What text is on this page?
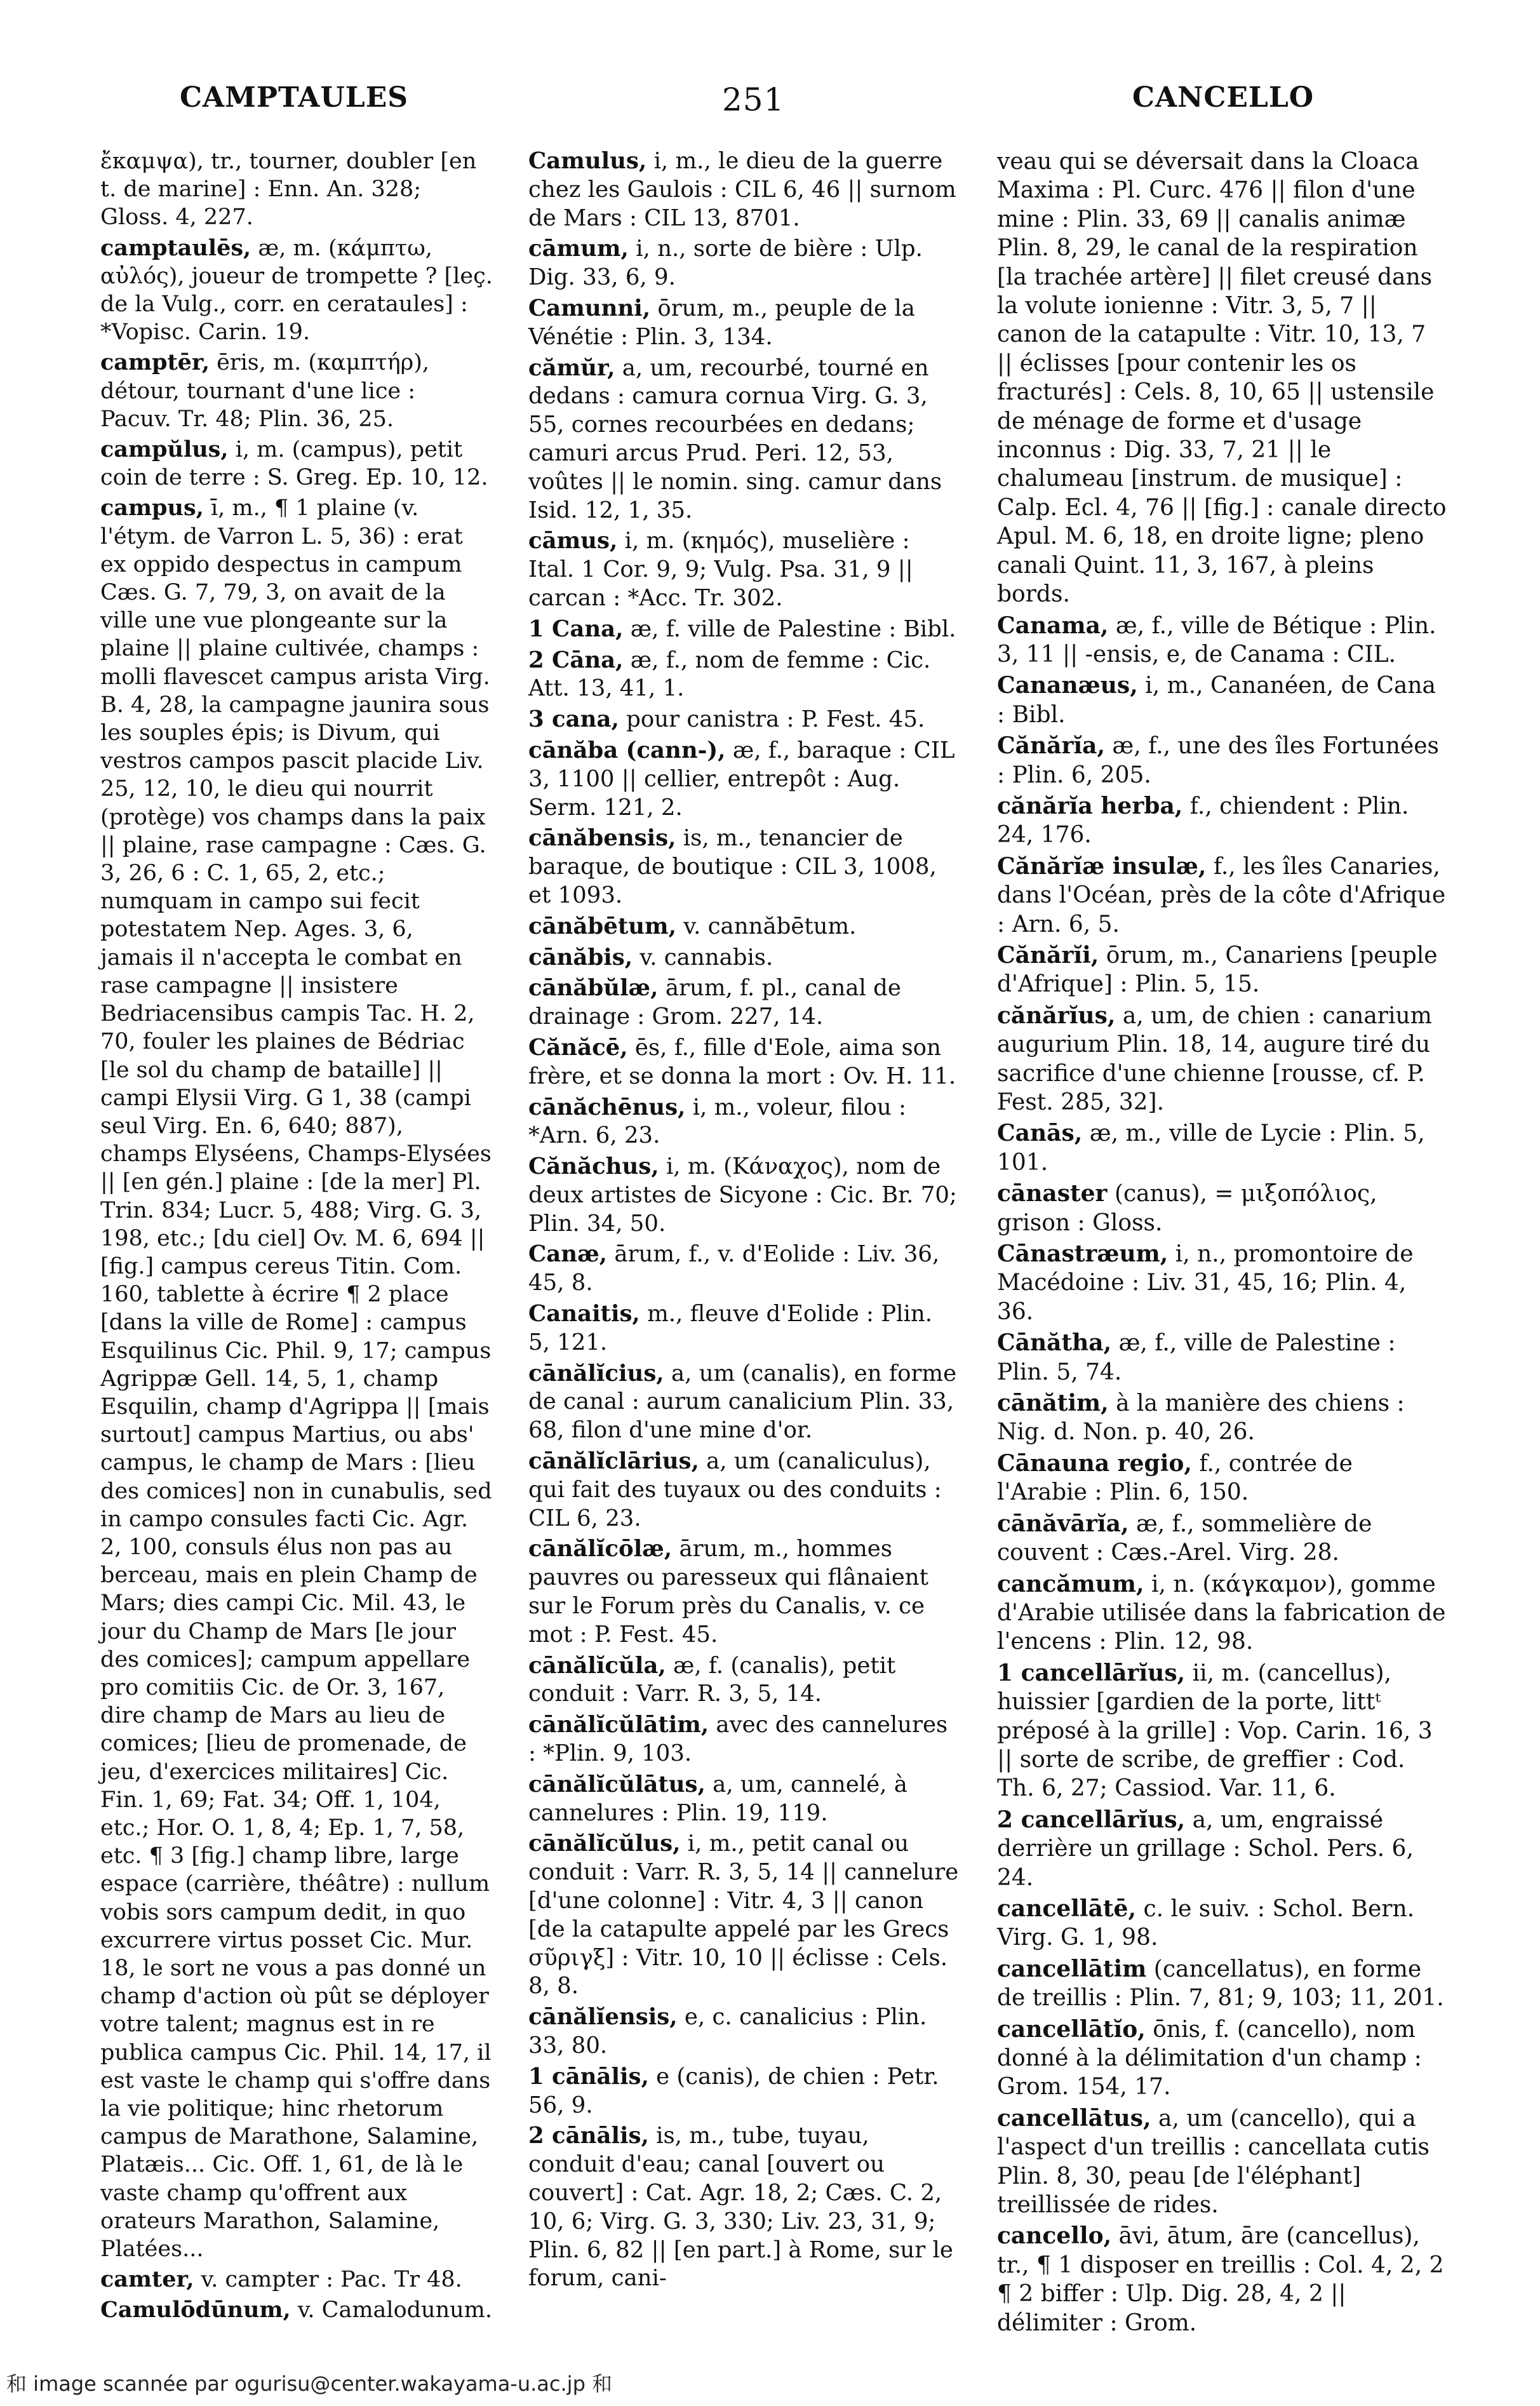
CAMPTAULES	251	CANCELLO
ἔκαμψα), tr., tourner, doubler [en t. de marine] : Enn. An. 328; Gloss. 4, 227.
camptaulēs, æ, m. (κάμπτω, αὐλός), joueur de trompette ? [leç. de la Vulg., corr. en cerataules] : *Vopisc. Carin. 19.
camptēr, ēris, m. (καμπτήρ), détour, tournant d'une lice : Pacuv. Tr. 48; Plin. 36, 25.
campŭlus, i, m. (campus), petit coin de terre : S. Greg. Ep. 10, 12.
campus, ī, m., ¶ 1 plaine (v. l'étym. de Varron L. 5, 36) : erat ex oppido despectus in campum Cæs. G. 7, 79, 3, on avait de la ville une vue plongeante sur la plaine || plaine cultivée, champs : molli flavescet campus arista Virg. B. 4, 28, la campagne jaunira sous les souples épis; is Divum, qui vestros campos pascit placide Liv. 25, 12, 10, le dieu qui nourrit (protège) vos champs dans la paix || plaine, rase campagne : Cæs. G. 3, 26, 6 : C. 1, 65, 2, etc.; numquam in campo sui fecit potestatem Nep. Ages. 3, 6, jamais il n'accepta le combat en rase campagne || insistere Bedriacensibus campis Tac. H. 2, 70, fouler les plaines de Bédriac [le sol du champ de bataille] || campi Elysii Virg. G 1, 38 (campi seul Virg. En. 6, 640; 887), champs Elyséens, Champs-Elysées || [en gén.] plaine : [de la mer] Pl. Trin. 834; Lucr. 5, 488; Virg. G. 3, 198, etc.; [du ciel] Ov. M. 6, 694 || [fig.] campus cereus Titin. Com. 160, tablette à écrire ¶ 2 place [dans la ville de Rome] : campus Esquilinus Cic. Phil. 9, 17; campus Agrippæ Gell. 14, 5, 1, champ Esquilin, champ d'Agrippa || [mais surtout] campus Martius, ou abs' campus, le champ de Mars : [lieu des comices] non in cunabulis, sed in campo consules facti Cic. Agr. 2, 100, consuls élus non pas au berceau, mais en plein Champ de Mars; dies campi Cic. Mil. 43, le jour du Champ de Mars [le jour des comices]; campum appellare pro comitiis Cic. de Or. 3, 167, dire champ de Mars au lieu de comices; [lieu de promenade, de jeu, d'exercices militaires] Cic. Fin. 1, 69; Fat. 34; Off. 1, 104, etc.; Hor. O. 1, 8, 4; Ep. 1, 7, 58, etc. ¶ 3 [fig.] champ libre, large espace (carrière, théâtre) : nullum vobis sors campum dedit, in quo excurrere virtus posset Cic. Mur. 18, le sort ne vous a pas donné un champ d'action où pût se déployer votre talent; magnus est in re publica campus Cic. Phil. 14, 17, il est vaste le champ qui s'offre dans la vie politique; hinc rhetorum campus de Marathone, Salamine, Platæis... Cic. Off. 1, 61, de là le vaste champ qu'offrent aux orateurs Marathon, Salamine, Platées...
camter, v. campter : Pac. Tr 48.
Camulōdūnum, v. Camalodunum.
Camulus, i, m., le dieu de la guerre chez les Gaulois : CIL 6, 46 || surnom de Mars : CIL 13, 8701.
cāmum, i, n., sorte de bière : Ulp. Dig. 33, 6, 9.
Camunni, ōrum, m., peuple de la Vénétie : Plin. 3, 134.
cămŭr, a, um, recourbé, tourné en dedans : camura cornua Virg. G. 3, 55, cornes recourbées en dedans; camuri arcus Prud. Peri. 12, 53, voûtes || le nomin. sing. camur dans Isid. 12, 1, 35.
cāmus, i, m. (κημός), muselière : Ital. 1 Cor. 9, 9; Vulg. Psa. 31, 9 || carcan : *Acc. Tr. 302.
1 Cana, æ, f. ville de Palestine : Bibl.
2 Cāna, æ, f., nom de femme : Cic. Att. 13, 41, 1.
3 cana, pour canistra : P. Fest. 45.
cānăba (cann-), æ, f., baraque : CIL 3, 1100 || cellier, entrepôt : Aug. Serm. 121, 2.
cānăbensis, is, m., tenancier de baraque, de boutique : CIL 3, 1008, et 1093.
cānăbētum, v. cannăbētum.
cānăbis, v. cannabis.
cānăbŭlæ, ārum, f. pl., canal de drainage : Grom. 227, 14.
Cănăcē, ēs, f., fille d'Eole, aima son frère, et se donna la mort : Ov. H. 11.
cānăchēnus, i, m., voleur, filou : *Arn. 6, 23.
Cănăchus, i, m. (Κάναχος), nom de deux artistes de Sicyone : Cic. Br. 70; Plin. 34, 50.
Canæ, ārum, f., v. d'Eolide : Liv. 36, 45, 8.
Canaitis, m., fleuve d'Eolide : Plin. 5, 121.
cānălĭcius, a, um (canalis), en forme de canal : aurum canalicium Plin. 33, 68, filon d'une mine d'or.
cānălĭclārius, a, um (canaliculus), qui fait des tuyaux ou des conduits : CIL 6, 23.
cānălĭcōlæ, ārum, m., hommes pauvres ou paresseux qui flânaient sur le Forum près du Canalis, v. ce mot : P. Fest. 45.
cānălĭcŭla, æ, f. (canalis), petit conduit : Varr. R. 3, 5, 14.
cānălĭcŭlātim, avec des cannelures : *Plin. 9, 103.
cānălĭcŭlātus, a, um, cannelé, à cannelures : Plin. 19, 119.
cānălĭcŭlus, i, m., petit canal ou conduit : Varr. R. 3, 5, 14 || cannelure [d'une colonne] : Vitr. 4, 3 || canon [de la catapulte appelé par les Grecs σῦριγξ] : Vitr. 10, 10 || éclisse : Cels. 8, 8.
cānălĭensis, e, c. canalicius : Plin. 33, 80.
1 cānālis, e (canis), de chien : Petr. 56, 9.
2 cānālis, is, m., tube, tuyau, conduit d'eau; canal [ouvert ou couvert] : Cat. Agr. 18, 2; Cæs. C. 2, 10, 6; Virg. G. 3, 330; Liv. 23, 31, 9; Plin. 6, 82 || [en part.] à Rome, sur le forum, cani-
veau qui se déversait dans la Cloaca Maxima : Pl. Curc. 476 || filon d'une mine : Plin. 33, 69 || canalis animæ Plin. 8, 29, le canal de la respiration [la trachée artère] || filet creusé dans la volute ionienne : Vitr. 3, 5, 7 || canon de la catapulte : Vitr. 10, 13, 7 || éclisses [pour contenir les os fracturés] : Cels. 8, 10, 65 || ustensile de ménage de forme et d'usage inconnus : Dig. 33, 7, 21 || le chalumeau [instrum. de musique] : Calp. Ecl. 4, 76 || [fig.] : canale directo Apul. M. 6, 18, en droite ligne; pleno canali Quint. 11, 3, 167, à pleins bords.
Canama, æ, f., ville de Bétique : Plin. 3, 11 || -ensis, e, de Canama : CIL.
Cananæus, i, m., Cananéen, de Cana : Bibl.
Cănărĭa, æ, f., une des îles Fortunées : Plin. 6, 205.
cănărĭa herba, f., chiendent : Plin. 24, 176.
Cănărĭæ insulæ, f., les îles Canaries, dans l'Océan, près de la côte d'Afrique : Arn. 6, 5.
Cănărĭi, ōrum, m., Canariens [peuple d'Afrique] : Plin. 5, 15.
cănărĭus, a, um, de chien : canarium augurium Plin. 18, 14, augure tiré du sacrifice d'une chienne [rousse, cf. P. Fest. 285, 32].
Canās, æ, m., ville de Lycie : Plin. 5, 101.
cānaster (canus), = μιξοπόλιος, grison : Gloss.
Cānastræum, i, n., promontoire de Macédoine : Liv. 31, 45, 16; Plin. 4, 36.
Cānătha, æ, f., ville de Palestine : Plin. 5, 74.
cānătim, à la manière des chiens : Nig. d. Non. p. 40, 26.
Cānauna regio, f., contrée de l'Arabie : Plin. 6, 150.
cānăvārĭa, æ, f., sommelière de couvent : Cæs.-Arel. Virg. 28.
cancămum, i, n. (κάγκαμον), gomme d'Arabie utilisée dans la fabrication de l'encens : Plin. 12, 98.
1 cancellārĭus, ii, m. (cancellus), huissier [gardien de la porte, littᵗ préposé à la grille] : Vop. Carin. 16, 3 || sorte de scribe, de greffier : Cod. Th. 6, 27; Cassiod. Var. 11, 6.
2 cancellārĭus, a, um, engraissé derrière un grillage : Schol. Pers. 6, 24.
cancellātē, c. le suiv. : Schol. Bern. Virg. G. 1, 98.
cancellātim (cancellatus), en forme de treillis : Plin. 7, 81; 9, 103; 11, 201.
cancellātĭo, ōnis, f. (cancello), nom donné à la délimitation d'un champ : Grom. 154, 17.
cancellātus, a, um (cancello), qui a l'aspect d'un treillis : cancellata cutis Plin. 8, 30, peau [de l'éléphant] treillissée de rides.
cancello, āvi, ātum, āre (cancellus), tr., ¶ 1 disposer en treillis : Col. 4, 2, 2 ¶ 2 biffer : Ulp. Dig. 28, 4, 2 || délimiter : Grom.
和 image scannée par ogurisu@center.wakayama-u.ac.jp 和
